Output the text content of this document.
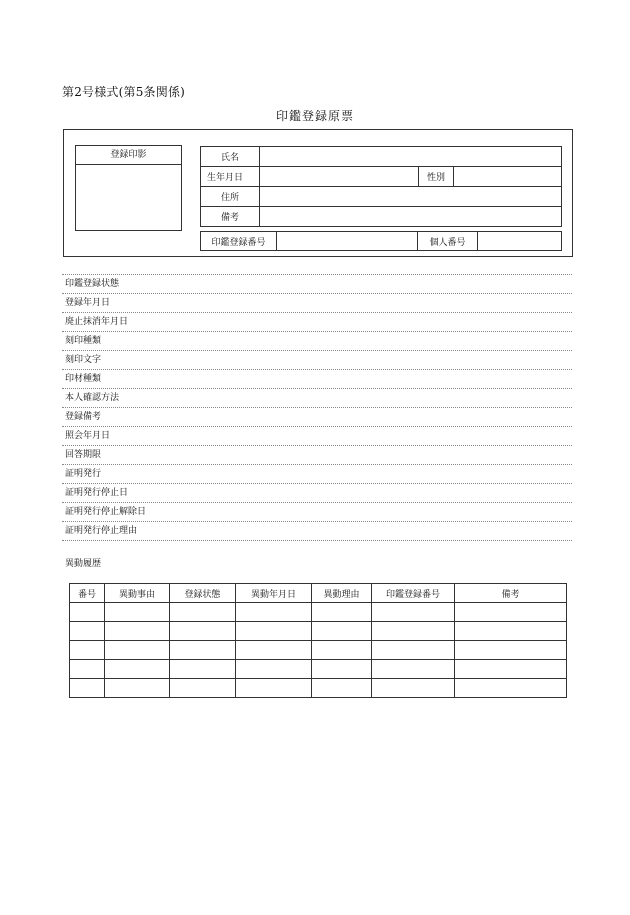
第2号様式(第5条関係)
印鑑登録原票
登録印影	氏名			
生年月日		性別	
住所			
備考			
印鑑登録番号		個人番号	
印鑑登録状態
登録年月日
廃止抹消年月日
刻印種類
刻印文字
印材種類
本人確認方法
登録備考
照会年月日
回答期限
証明発行
証明発行停止日
証明発行停止解除日
証明発行停止理由
異動履歴
番号	異動事由	登録状態	異動年月日	異動理由	印鑑登録番号	備考
